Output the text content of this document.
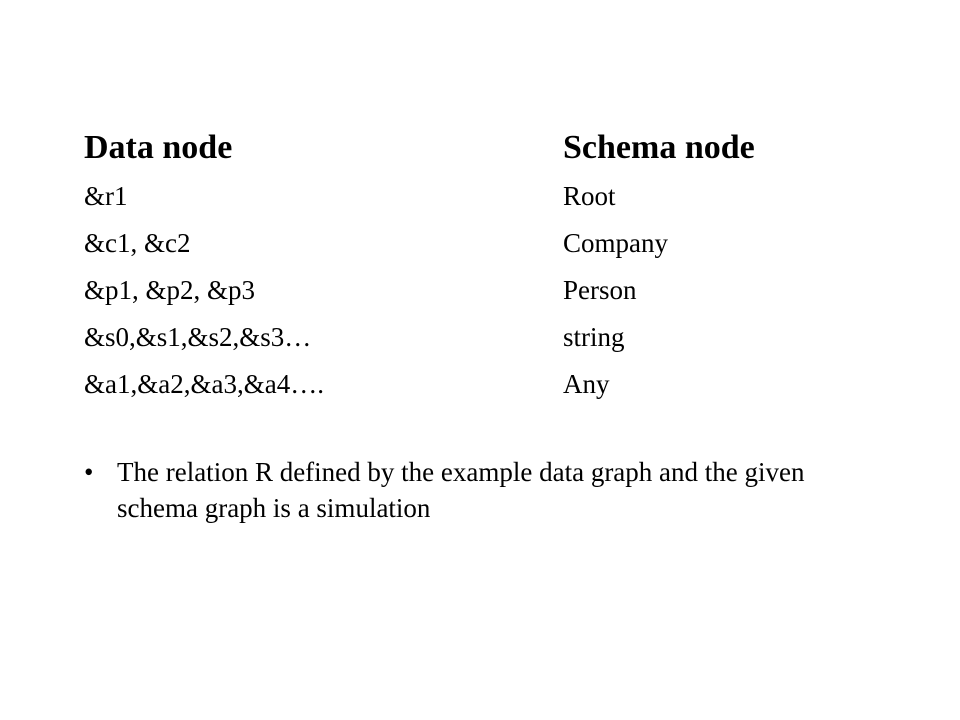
Data node	Schema node
&r1	Root
&c1, &c2	Company
&p1, &p2, &p3	Person
&s0,&s1,&s2,&s3…	string
&a1,&a2,&a3,&a4….	Any
• The relation R defined by the example data graph and the given schema graph is a simulation
